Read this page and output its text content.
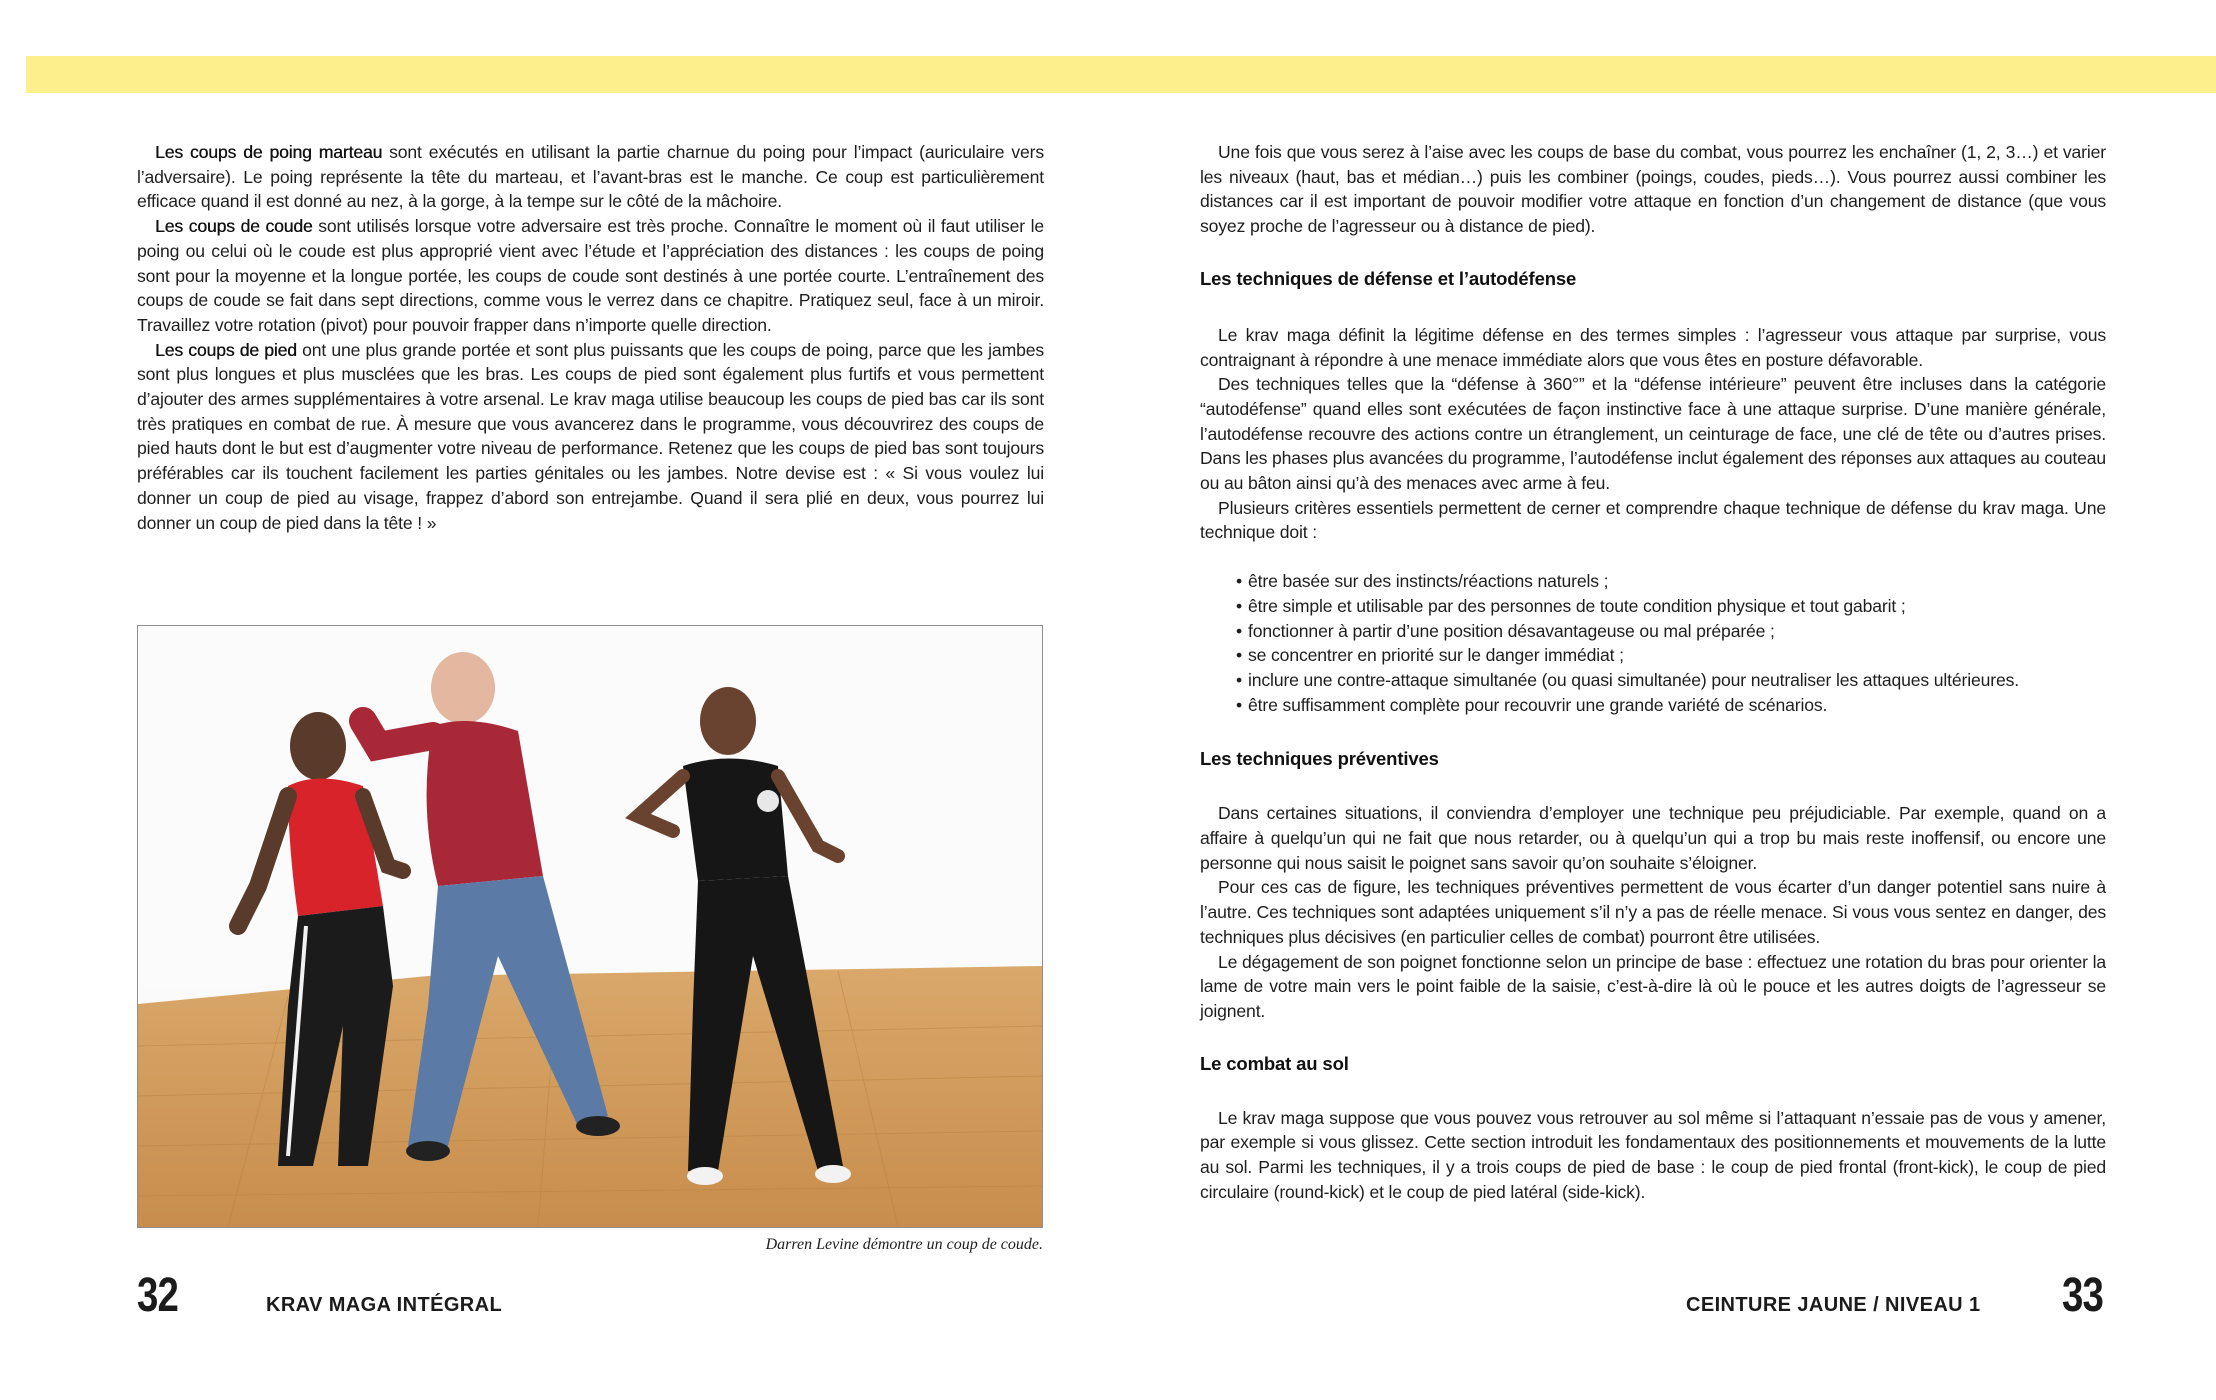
Les coups de poing marteau sont exécutés en utilisant la partie charnue du poing pour l’impact (auriculaire vers l’adversaire). Le poing représente la tête du marteau, et l’avant-bras est le manche. Ce coup est particulièrement efficace quand il est donné au nez, à la gorge, à la tempe sur le côté de la mâchoire.

Les coups de coude sont utilisés lorsque votre adversaire est très proche. Connaître le moment où il faut utiliser le poing ou celui où le coude est plus approprié vient avec l’étude et l’appréciation des distances : les coups de poing sont pour la moyenne et la longue portée, les coups de coude sont destinés à une portée courte. L’entraînement des coups de coude se fait dans sept directions, comme vous le verrez dans ce chapitre. Pratiquez seul, face à un miroir. Travaillez votre rotation (pivot) pour pouvoir frapper dans n’importe quelle direction.

Les coups de pied ont une plus grande portée et sont plus puissants que les coups de poing, parce que les jambes sont plus longues et plus musclées que les bras. Les coups de pied sont également plus furtifs et vous permettent d’ajouter des armes supplémentaires à votre arsenal. Le krav maga utilise beaucoup les coups de pied bas car ils sont très pratiques en combat de rue. À mesure que vous avancerez dans le programme, vous découvrirez des coups de pied hauts dont le but est d’augmenter votre niveau de performance. Retenez que les coups de pied bas sont toujours préférables car ils touchent facilement les parties génitales ou les jambes. Notre devise est : « Si vous voulez lui donner un coup de pied au visage, frappez d’abord son entrejambe. Quand il sera plié en deux, vous pourrez lui donner un coup de pied dans la tête ! »

Darren Levine démontre un coup de coude.

Une fois que vous serez à l’aise avec les coups de base du combat, vous pourrez les enchaîner (1, 2, 3…) et varier les niveaux (haut, bas et médian…) puis les combiner (poings, coudes, pieds…). Vous pourrez aussi combiner les distances car il est important de pouvoir modifier votre attaque en fonction d’un changement de distance (que vous soyez proche de l’agresseur ou à distance de pied).

Les techniques de défense et l’autodéfense

Le krav maga définit la légitime défense en des termes simples : l’agresseur vous attaque par surprise, vous contraignant à répondre à une menace immédiate alors que vous êtes en posture défavorable.

Des techniques telles que la “défense à 360°” et la “défense intérieure” peuvent être incluses dans la catégorie “autodéfense” quand elles sont exécutées de façon instinctive face à une attaque surprise. D’une manière générale, l’autodéfense recouvre des actions contre un étranglement, un ceinturage de face, une clé de tête ou d’autres prises. Dans les phases plus avancées du programme, l’autodéfense inclut également des réponses aux attaques au couteau ou au bâton ainsi qu’à des menaces avec arme à feu.

Plusieurs critères essentiels permettent de cerner et comprendre chaque technique de défense du krav maga. Une technique doit :

• être basée sur des instincts/réactions naturels ;
• être simple et utilisable par des personnes de toute condition physique et tout gabarit ;
• fonctionner à partir d’une position désavantageuse ou mal préparée ;
• se concentrer en priorité sur le danger immédiat ;
• inclure une contre-attaque simultanée (ou quasi simultanée) pour neutraliser les attaques ultérieures.
• être suffisamment complète pour recouvrir une grande variété de scénarios.
Les techniques préventives

Dans certaines situations, il conviendra d’employer une technique peu préjudiciable. Par exemple, quand on a affaire à quelqu’un qui ne fait que nous retarder, ou à quelqu’un qui a trop bu mais reste inoffensif, ou encore une personne qui nous saisit le poignet sans savoir qu’on souhaite s’éloigner.

Pour ces cas de figure, les techniques préventives permettent de vous écarter d’un danger potentiel sans nuire à l’autre. Ces techniques sont adaptées uniquement s’il n’y a pas de réelle menace. Si vous vous sentez en danger, des techniques plus décisives (en particulier celles de combat) pourront être utilisées.

Le dégagement de son poignet fonctionne selon un principe de base : effectuez une rotation du bras pour orienter la lame de votre main vers le point faible de la saisie, c’est-à-dire là où le pouce et les autres doigts de l’agresseur se joignent.

Le combat au sol

Le krav maga suppose que vous pouvez vous retrouver au sol même si l’attaquant n’essaie pas de vous y amener, par exemple si vous glissez. Cette section introduit les fondamentaux des positionnements et mouvements de la lutte au sol. Parmi les techniques, il y a trois coups de pied de base : le coup de pied frontal (front-kick), le coup de pied circulaire (round-kick) et le coup de pied latéral (side-kick).

32	KRAV MAGA INTÉGRAL	CEINTURE JAUNE / NIVEAU 1 33
